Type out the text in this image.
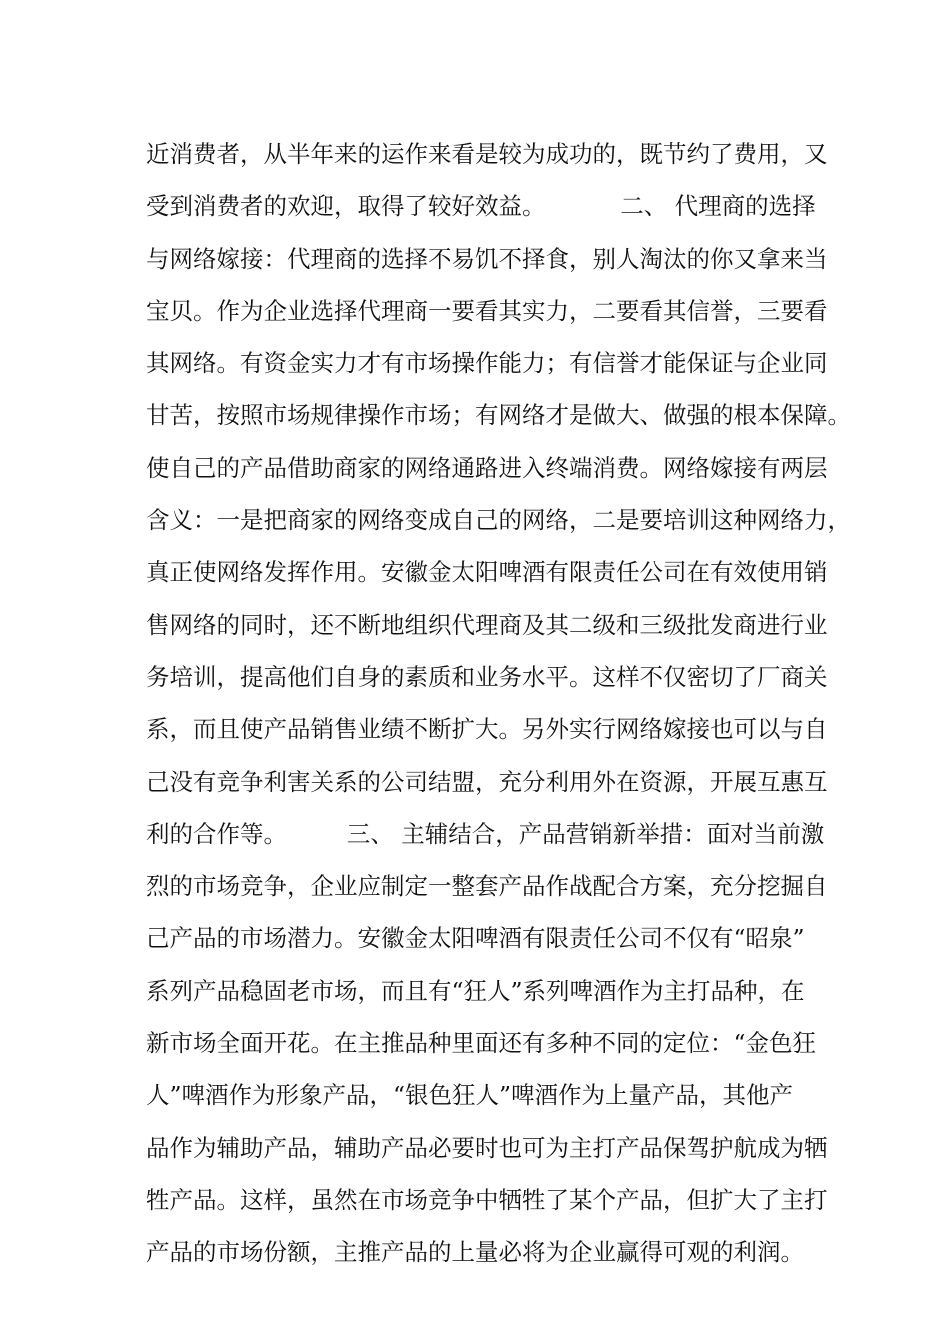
近消费者，从半年来的运作来看是较为成功的，既节约了费用，又
受到消费者的欢迎，取得了较好效益。          二、 代理商的选择
与网络嫁接：代理商的选择不易饥不择食，别人淘汰的你又拿来当
宝贝。作为企业选择代理商一要看其实力，二要看其信誉，三要看
其网络。有资金实力才有市场操作能力；有信誉才能保证与企业同
甘苦，按照市场规律操作市场；有网络才是做大、做强的根本保障。
使自己的产品借助商家的网络通路进入终端消费。网络嫁接有两层
含义：一是把商家的网络变成自己的网络，二是要培训这种网络力，
真正使网络发挥作用。安徽金太阳啤酒有限责任公司在有效使用销
售网络的同时，还不断地组织代理商及其二级和三级批发商进行业
务培训，提高他们自身的素质和业务水平。这样不仅密切了厂商关
系，而且使产品销售业绩不断扩大。另外实行网络嫁接也可以与自
己没有竞争利害关系的公司结盟，充分利用外在资源，开展互惠互
利的合作等。        三、 主辅结合，产品营销新举措：面对当前激
烈的市场竞争，企业应制定一整套产品作战配合方案，充分挖掘自
己产品的市场潜力。安徽金太阳啤酒有限责任公司不仅有“昭泉”
系列产品稳固老市场，而且有“狂人”系列啤酒作为主打品种，在
新市场全面开花。在主推品种里面还有多种不同的定位：“金色狂
人”啤酒作为形象产品，“银色狂人”啤酒作为上量产品，其他产
品作为辅助产品，辅助产品必要时也可为主打产品保驾护航成为牺
牲产品。这样，虽然在市场竞争中牺牲了某个产品，但扩大了主打
产品的市场份额，主推产品的上量必将为企业赢得可观的利润。
